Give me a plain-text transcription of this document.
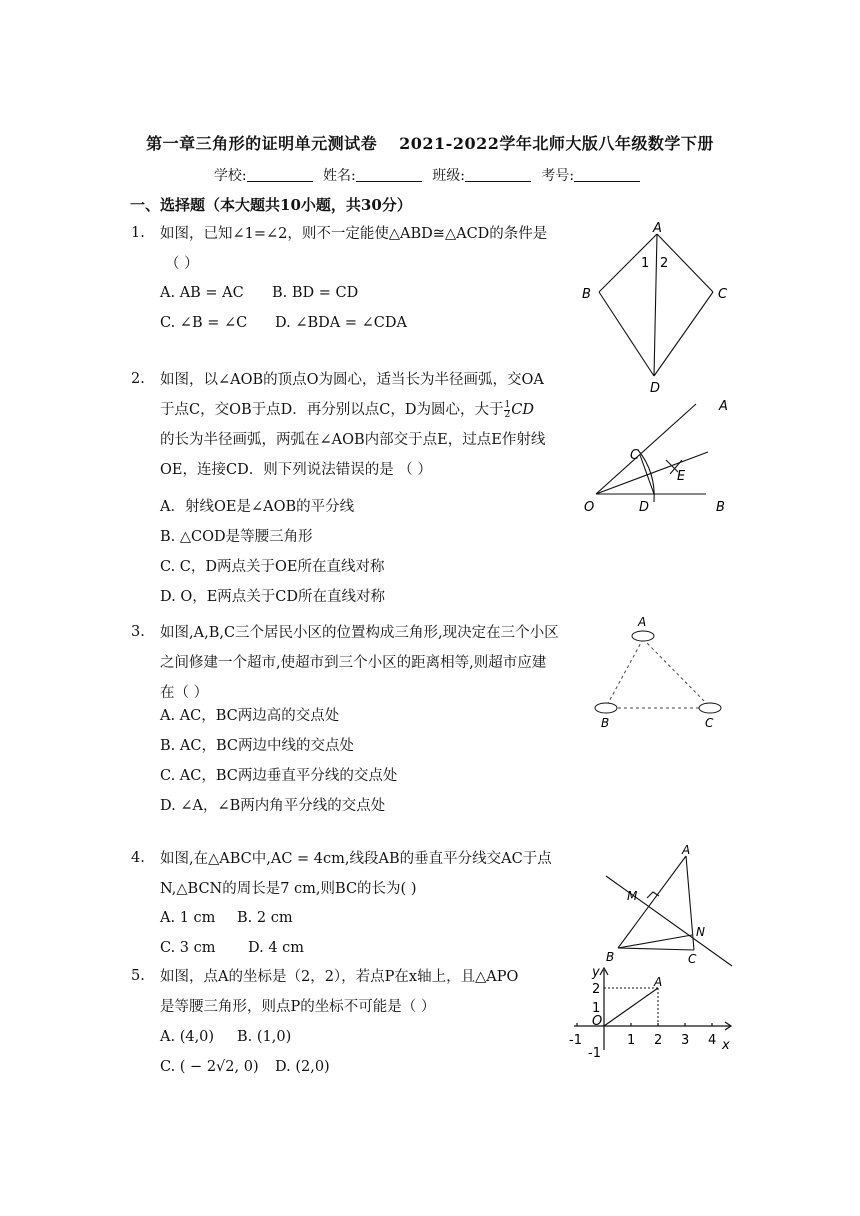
第一章三角形的证明单元测试卷 2021-2022学年北师大版八年级数学下册
学校:	姓名:	班级:	考号:
一、选择题（本大题共10小题，共30分）
1. 如图，已知∠1=∠2，则不一定能使△ABD≅△ACD的条件是
（ ）
A. AB = AC B. BD = CD
C. ∠B = ∠C D. ∠BDA = ∠CDA
A
B	C
D
1 2
2. 如图，以∠AOB的顶点O为圆心，适当长为半径画弧，交OA
于点C，交OB于点D．再分别以点C，D为圆心，大于 $\frac{1}{2}$ CD
的长为半径画弧，两弧在∠AOB内部交于点E，过点E作射线
OE，连接CD．则下列说法错误的是 （ ）
A．射线OE是∠AOB的平分线
B. △COD是等腰三角形
C. C，D两点关于OE所在直线对称
D. O，E两点关于CD所在直线对称
A
B
C
D
E
O
3. 如图,A,B,C三个居民小区的位置构成三角形,现决定在三个小区
之间修建一个超市,使超市到三个小区的距离相等,则超市应建
在（ ）
A. AC，BC两边高的交点处
B. AC，BC两边中线的交点处
C. AC，BC两边垂直平分线的交点处
D. ∠A，∠B两内角平分线的交点处
A
B	C
4. 如图,在△ABC中,AC = 4cm,线段AB的垂直平分线交AC于点
N,△BCN的周长是7 cm,则BC的长为( )
A. 1 cm B. 2 cm
C. 3 cm D. 4 cm
A
B	C
M
N
5. 如图，点A的坐标是（2，2），若点P在x轴上，且△APO
是等腰三角形，则点P的坐标不可能是（ ）
A. (4,0) B. (1,0)
C. ( − 2√2, 0) D. (2,0)
y
x
A
O
-1	1 2 3 4
2
1
-1
